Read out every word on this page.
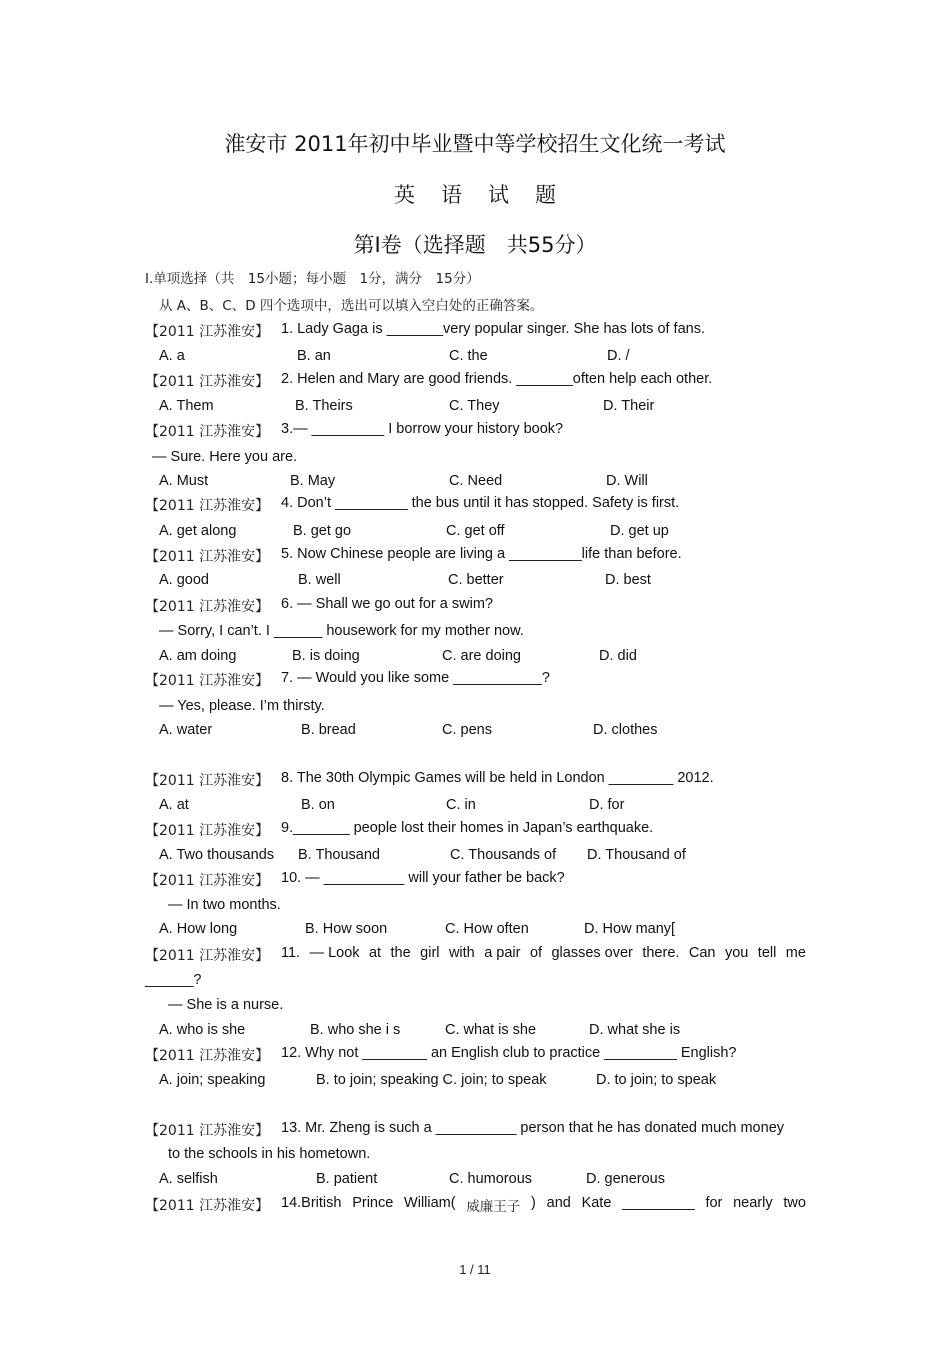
淮安市 2011年初中毕业暨中等学校招生文化统一考试
英语试题
第Ⅰ卷（选择题　共55分）
Ⅰ.单项选择（共　15小题；每小题　1分，满分　15分）
从 A、B、C、D 四个选项中，选出可以填入空白处的正确答案。
【2011 江苏淮安】 1. Lady Gaga is _______very popular singer. She has lots of fans.
A. a	B. an	C. the	D. /
【2011 江苏淮安】 2. Helen and Mary are good friends. _______often help each other.
A. Them	B. Theirs	C. They	D. Their
【2011 江苏淮安】 3.— _________ I borrow your history book?
— Sure. Here you are.
A. Must	B. May	C. Need	D. Will
【2011 江苏淮安】 4. Don’t _________ the bus until it has stopped. Safety is first.
A. get along	B. get go	C. get off	D. get up
【2011 江苏淮安】 5. Now Chinese people are living a _________life than before.
A. good	B. well	C. better	D. best
【2011 江苏淮安】 6. — Shall we go out for a swim?
— Sorry, I can’t. I ______ housework for my mother now.
A. am doing	B. is doing	C. are doing	D. did
【2011 江苏淮安】 7. — Would you like some ___________?
— Yes, please. I’m thirsty.
A. water	B. bread	C. pens	D. clothes
【2011 江苏淮安】 8. The 30th Olympic Games will be held in London ________ 2012.
A. at	B. on	C. in	D. for
【2011 江苏淮安】 9._______ people lost their homes in Japan’s earthquake.
A. Two thousands B. Thousand	C. Thousands of D. Thousand of
【2011 江苏淮安】 10. — __________ will your father be back?
— In two months.
A. How long	B. How soon	C. How often	D. How many[
【2011 江苏淮安】 11. — Look at the girl with a pair of glasses over there. Can you tell me
______?
— She is a nurse.
A. who is she	B. who she i s	C. what is she	D. what she is
【2011 江苏淮安】 12. Why not ________ an English club to practice _________ English?
A. join; speaking	B. to join; speaking C. join; to speak	D. to join; to speak
【2011 江苏淮安】 13. Mr. Zheng is such a __________ person that he has donated much money
to the schools in his hometown.
A. selfish	B. patient	C. humorous	D. generous
【2011 江苏淮安】 14.British Prince William( 威廉王子 ) and Kate _________ for nearly two
1 / 11
